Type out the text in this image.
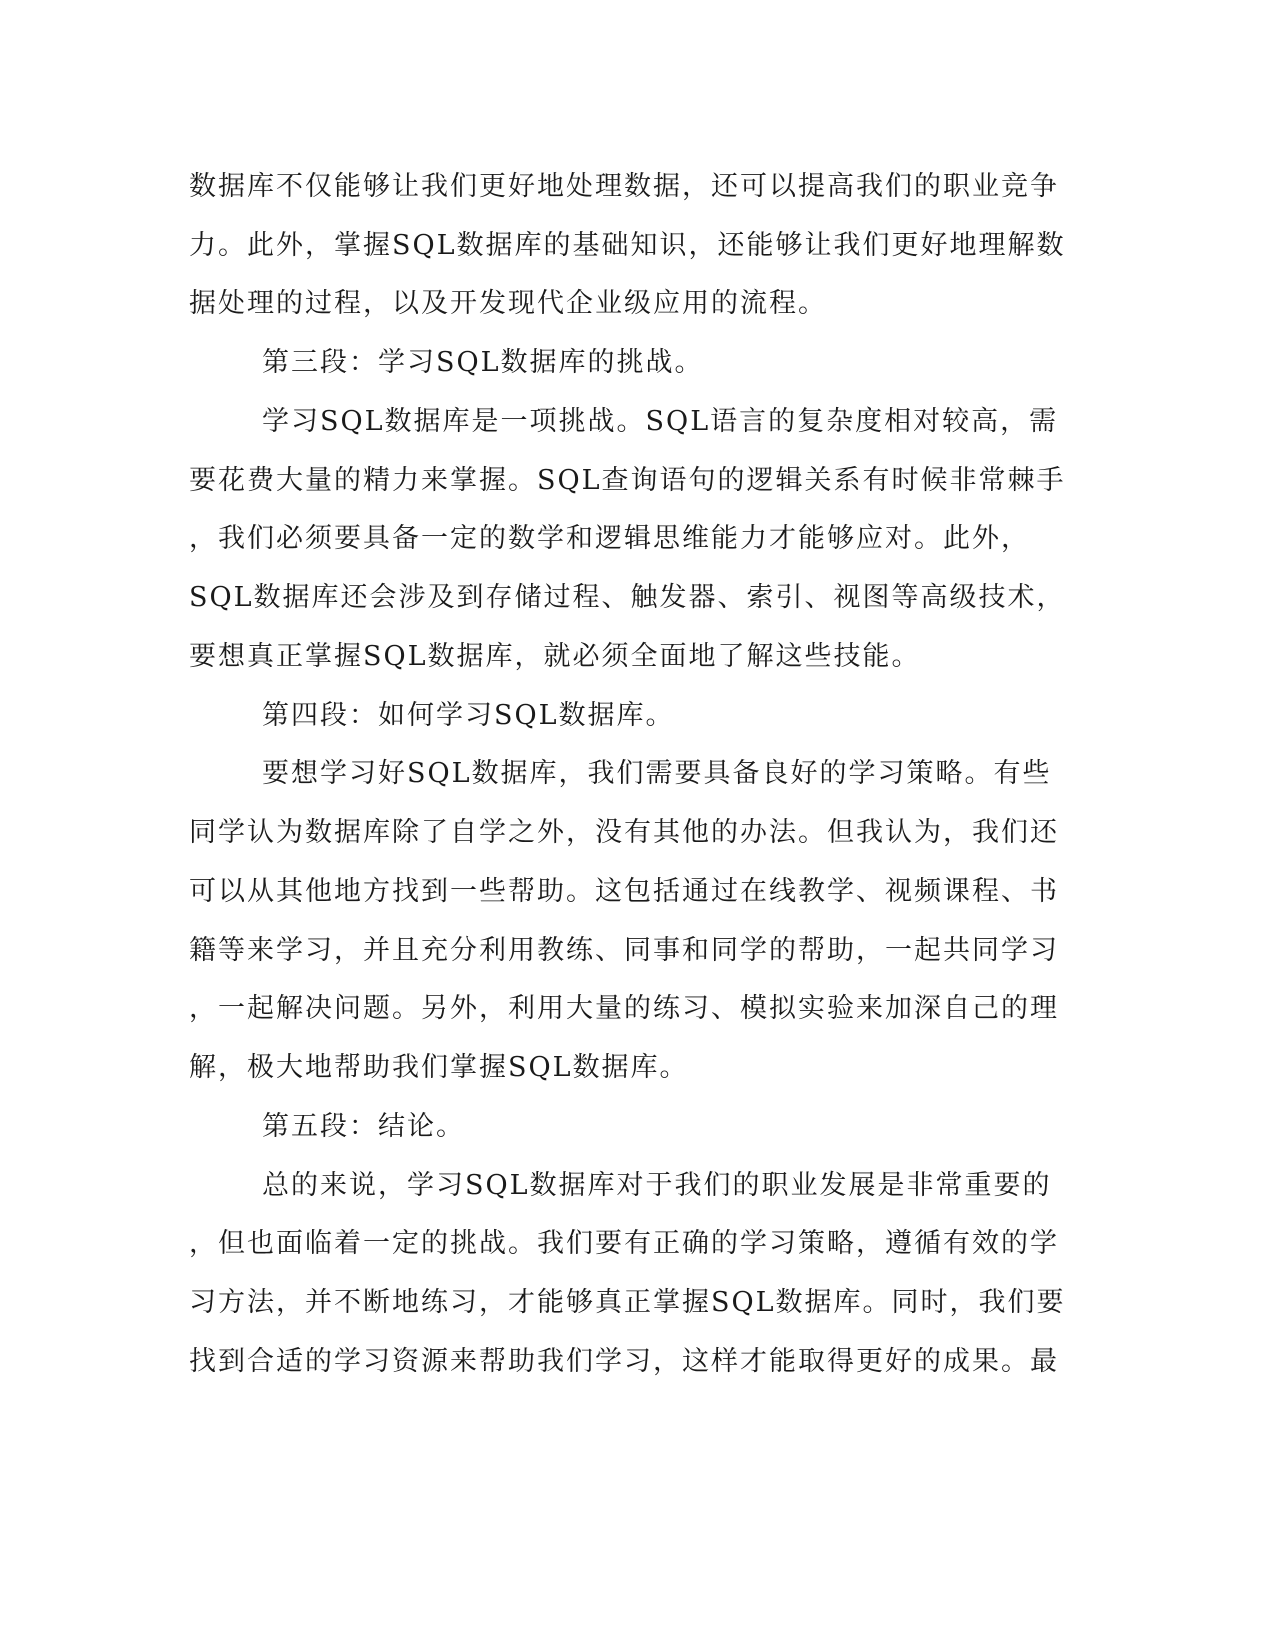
数据库不仅能够让我们更好地处理数据，还可以提高我们的职业竞争
力。此外，掌握SQL数据库的基础知识，还能够让我们更好地理解数
据处理的过程，以及开发现代企业级应用的流程。
第三段：学习SQL数据库的挑战。
学习SQL数据库是一项挑战。SQL语言的复杂度相对较高，需
要花费大量的精力来掌握。SQL查询语句的逻辑关系有时候非常棘手
，我们必须要具备一定的数学和逻辑思维能力才能够应对。此外，
SQL数据库还会涉及到存储过程、触发器、索引、视图等高级技术，
要想真正掌握SQL数据库，就必须全面地了解这些技能。
第四段：如何学习SQL数据库。
要想学习好SQL数据库，我们需要具备良好的学习策略。有些
同学认为数据库除了自学之外，没有其他的办法。但我认为，我们还
可以从其他地方找到一些帮助。这包括通过在线教学、视频课程、书
籍等来学习，并且充分利用教练、同事和同学的帮助，一起共同学习
，一起解决问题。另外，利用大量的练习、模拟实验来加深自己的理
解，极大地帮助我们掌握SQL数据库。
第五段：结论。
总的来说，学习SQL数据库对于我们的职业发展是非常重要的
，但也面临着一定的挑战。我们要有正确的学习策略，遵循有效的学
习方法，并不断地练习，才能够真正掌握SQL数据库。同时，我们要
找到合适的学习资源来帮助我们学习，这样才能取得更好的成果。最
